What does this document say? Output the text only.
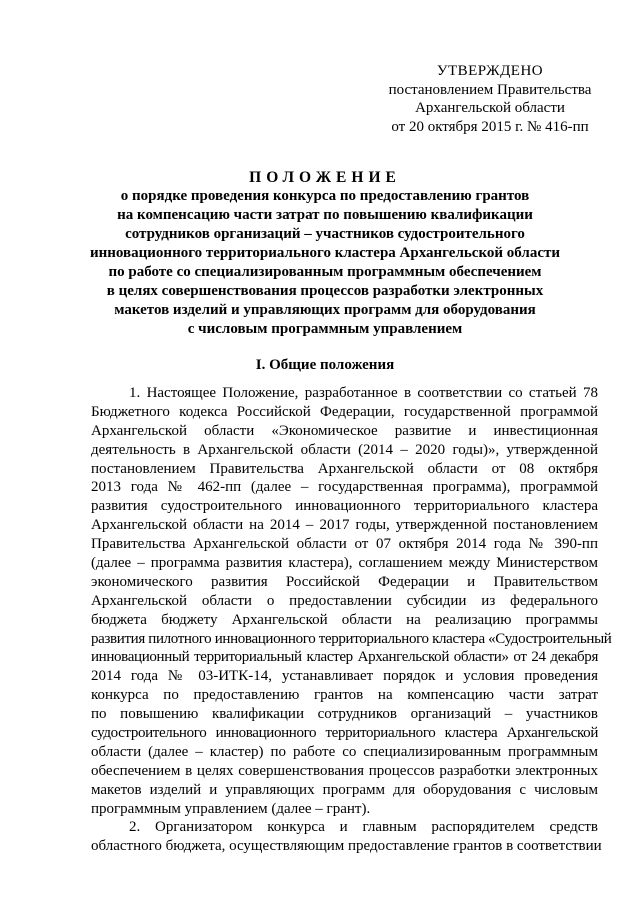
УТВЕРЖДЕНО
постановлением Правительства
Архангельской области
от 20 октября 2015 г. № 416-пп
ПОЛОЖЕНИЕ
о порядке проведения конкурса по предоставлению грантов
на компенсацию части затрат по повышению квалификации
сотрудников организаций – участников судостроительного
инновационного территориального кластера Архангельской области
по работе со специализированным программным обеспечением
в целях совершенствования процессов разработки электронных
макетов изделий и управляющих программ для оборудования
с числовым программным управлением
I. Общие положения
1. Настоящее Положение, разработанное в соответствии со статьей 78
Бюджетного кодекса Российской Федерации, государственной программой
Архангельской области «Экономическое развитие и инвестиционная
деятельность в Архангельской области (2014 – 2020 годы)», утвержденной
постановлением Правительства Архангельской области от 08 октября
2013 года № 462-пп (далее – государственная программа), программой
развития судостроительного инновационного территориального кластера
Архангельской области на 2014 – 2017 годы, утвержденной постановлением
Правительства Архангельской области от 07 октября 2014 года № 390-пп
(далее – программа развития кластера), соглашением между Министерством
экономического развития Российской Федерации и Правительством
Архангельской области о предоставлении субсидии из федерального
бюджета бюджету Архангельской области на реализацию программы
развития пилотного инновационного территориального кластера «Судостроительный
инновационный территориальный кластер Архангельской области» от 24 декабря
2014 года № 03-ИТК-14, устанавливает порядок и условия проведения
конкурса по предоставлению грантов на компенсацию части затрат
по повышению квалификации сотрудников организаций – участников
судостроительного инновационного территориального кластера Архангельской
области (далее – кластер) по работе со специализированным программным
обеспечением в целях совершенствования процессов разработки электронных
макетов изделий и управляющих программ для оборудования с числовым
программным управлением (далее – грант).
2. Организатором конкурса и главным распорядителем средств
областного бюджета, осуществляющим предоставление грантов в соответствии
